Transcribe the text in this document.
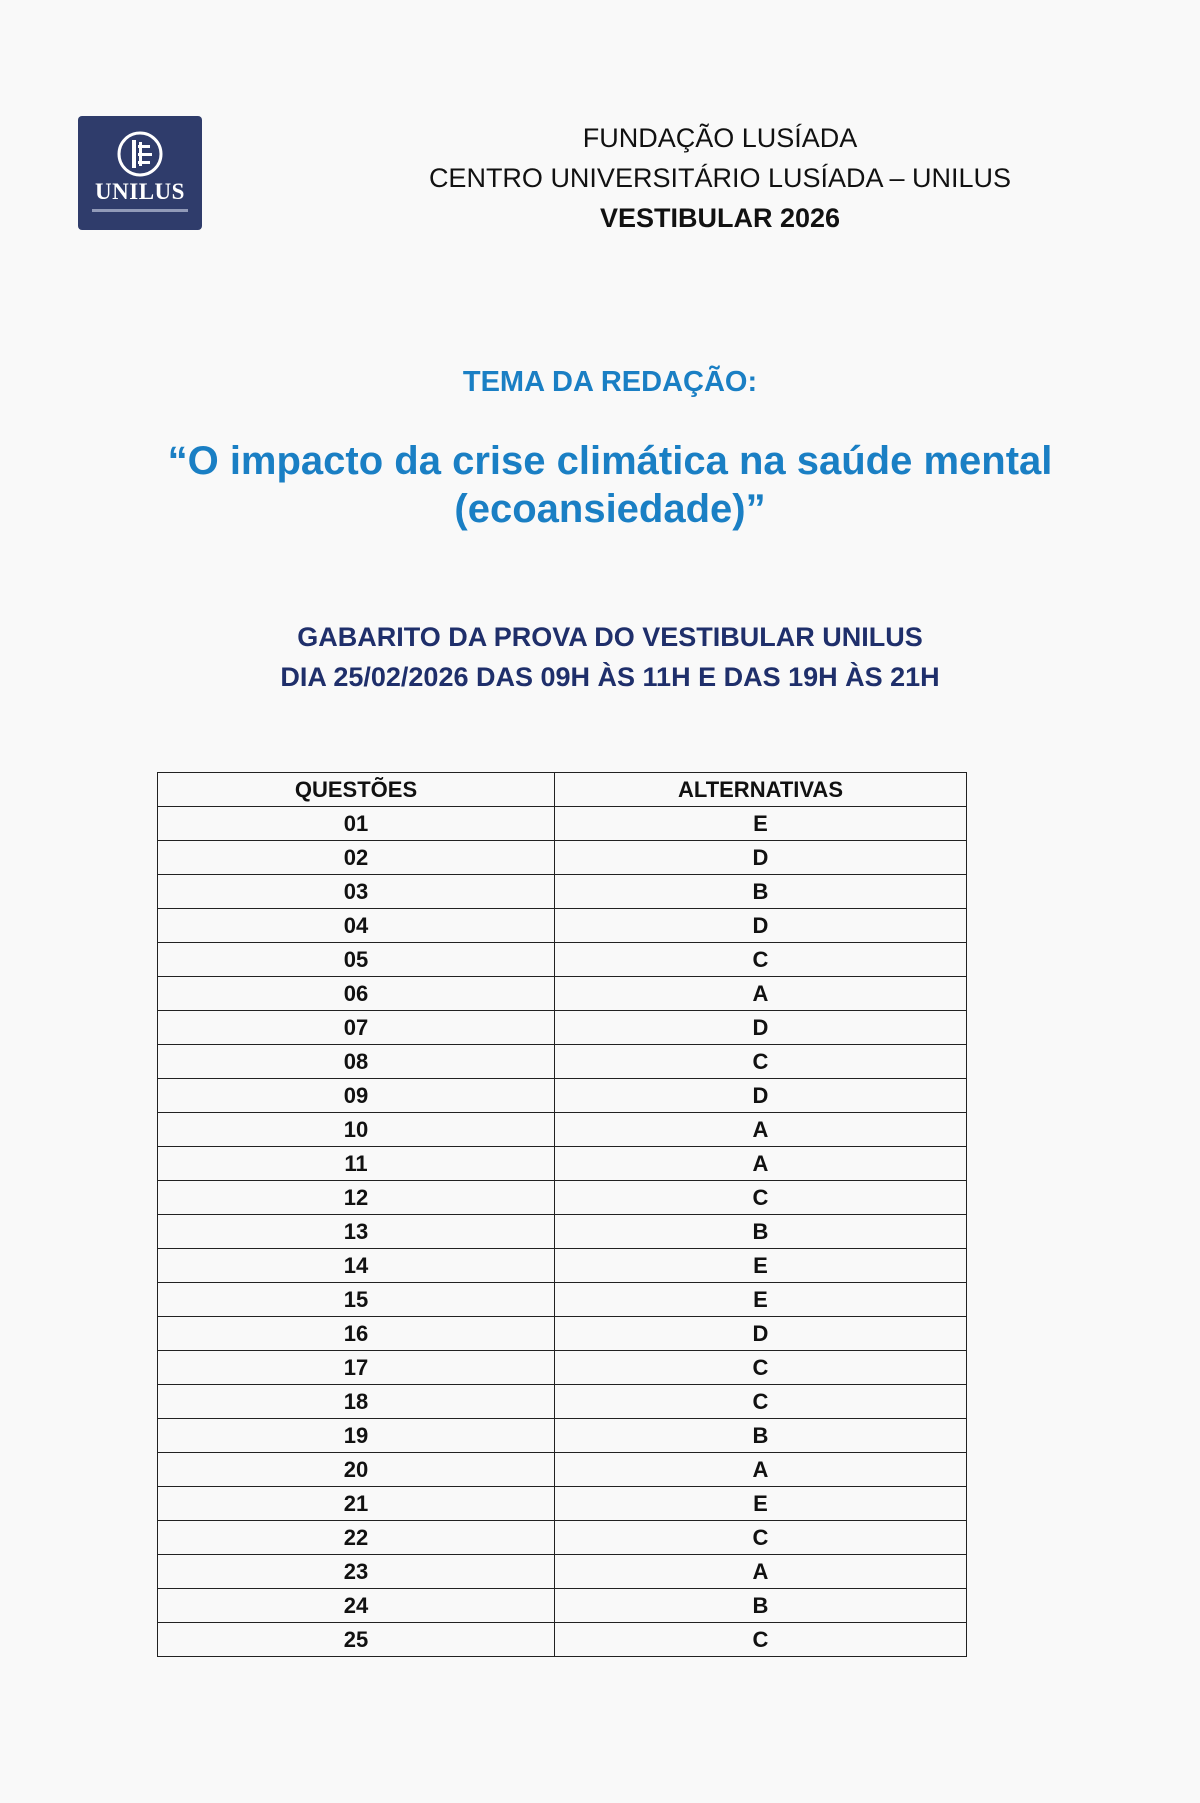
UNILUS
FUNDAÇÃO LUSÍADA
CENTRO UNIVERSITÁRIO LUSÍADA – UNILUS
VESTIBULAR 2026
TEMA DA REDAÇÃO:
“O impacto da crise climática na saúde mental
(ecoansiedade)”
GABARITO DA PROVA DO VESTIBULAR UNILUS
DIA 25/02/2026 DAS 09H ÀS 11H E DAS 19H ÀS 21H
QUESTÕES	ALTERNATIVAS
01	E
02	D
03	B
04	D
05	C
06	A
07	D
08	C
09	D
10	A
11	A
12	C
13	B
14	E
15	E
16	D
17	C
18	C
19	B
20	A
21	E
22	C
23	A
24	B
25	C
